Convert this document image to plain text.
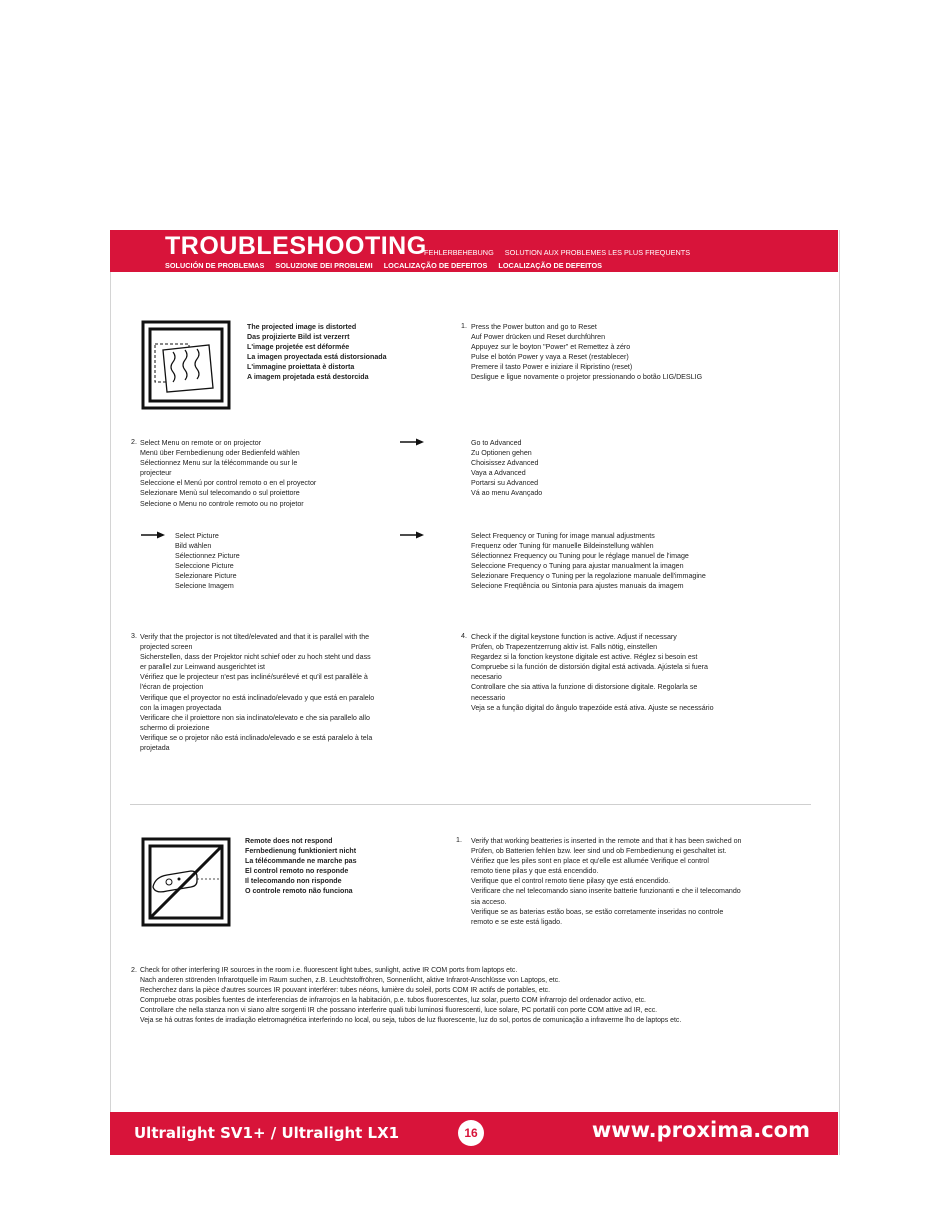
TROUBLESHOOTING
FEHLERBEHEBUNG SOLUTION AUX PROBLEMES LES PLUS FREQUENTS
SOLUCIÓN DE PROBLEMAS SOLUZIONE DEI PROBLEMI LOCALIZAÇÃO DE DEFEITOS LOCALIZAÇÃO DE DEFEITOS
The projected image is distorted
Das projizierte Bild ist verzerrt
L'image projetée est déformée
La imagen proyectada está distorsionada
L'immagine proiettata è distorta
A imagem projetada está destorcida
1. Press the Power button and go to Reset
Auf Power drücken und Reset durchführen
Appuyez sur le boyton "Power" et Remettez à zéro
Pulse el botón Power y vaya a Reset (restablecer)
Premere il tasto Power e iniziare il Ripristino (reset)
Desligue e ligue novamente o projetor pressionando o botão LIG/DESLIG
2. Select Menu on remote or on projector
Menü über Fernbedienung oder Bedienfeld wählen
Sélectionnez Menu sur la télécommande ou sur le
projecteur
Seleccione el Menú por control remoto o en el proyector
Selezionare Menù sul telecomando o sul proiettore
Selecione o Menu no controle remoto ou no projetor
Go to Advanced
Zu Optionen gehen
Choisissez Advanced
Vaya a Advanced
Portarsi su Advanced
Vá ao menu Avançado
Select Picture
Bild wählen
Sélectionnez Picture
Seleccione Picture
Selezionare Picture
Selecione Imagem
Select Frequency or Tuning for image manual adjustments
Frequenz oder Tuning für manuelle Bildeinstellung wählen
Sélectionnez Frequency ou Tuning pour le réglage manuel de l'image
Seleccione Frequency o Tuning para ajustar manualment la imagen
Selezionare Frequency o Tuning per la regolazione manuale dell'immagine
Selecione Freqüência ou Sintonia para ajustes manuais da imagem
3. Verify that the projector is not tilted/elevated and that it is parallel with the
projected screen
Sicherstellen, dass der Projektor nicht schief oder zu hoch steht und dass
er parallel zur Leinwand ausgerichtet ist
Vérifiez que le projecteur n'est pas incliné/surélevé et qu'il est parallèle à
l'écran de projection
Verifique que el proyector no está inclinado/elevado y que está en paralelo
con la imagen proyectada
Verificare che il proiettore non sia inclinato/elevato e che sia parallelo allo
schermo di proiezione
Verifique se o projetor não está inclinado/elevado e se está paralelo à tela
projetada
4. Check if the digital keystone function is active. Adjust if necessary
Prüfen, ob Trapezentzerrung aktiv ist. Falls nötig, einstellen
Regardez si la fonction keystone digitale est active. Réglez si besoin est
Compruebe si la función de distorsión digital está activada. Ajústela si fuera
necesario
Controllare che sia attiva la funzione di distorsione digitale. Regolarla se
necessario
Veja se a função digital do ângulo trapezóide está ativa. Ajuste se necessário
Remote does not respond
Fernbedienung funktioniert nicht
La télécommande ne marche pas
El control remoto no responde
Il telecomando non risponde
O controle remoto não funciona
1. Verify that working beatteries is inserted in the remote and that it has been swiched on
Prüfen, ob Batterien fehlen bzw. leer sind und ob Fernbedienung ei geschaltet ist.
Vérifiez que les piles sont en place et qu'elle est allumée Verifique el control
remoto tiene pilas y que está encendido.
Verifique que el control remoto tiene pilasy qye está encendido.
Verificare che nel telecomando siano inserite batterie funzionanti e che il telecomando
sia acceso.
Verifique se as baterias estão boas, se estão corretamente inseridas no controle
remoto e se este está ligado.
2. Check for other interfering IR sources in the room i.e. fluorescent light tubes, sunlight, active IR COM ports from laptops etc.
Nach anderen störenden Infrarotquelle im Raum suchen, z.B. Leuchtstoffröhren, Sonnenlicht, aktive Infrarot-Anschlüsse von Laptops, etc.
Recherchez dans la pièce d'autres sources IR pouvant interférer: tubes néons, lumière du soleil, ports COM IR actifs de portables, etc.
Compruebe otras posibles fuentes de interferencias de infrarrojos en la habitación, p.e. tubos fluorescentes, luz solar, puerto COM infrarrojo del ordenador activo, etc.
Controllare che nella stanza non vi siano altre sorgenti IR che possano interferire quali tubi luminosi fluorescenti, luce solare, PC portatili con porte COM attive ad IR, ecc.
Veja se há outras fontes de irradiação eletromagnética interferindo no local, ou seja, tubos de luz fluorescente, luz do sol, portos de comunicação a infraverme lho de laptops etc.
Ultralight SV1+ / Ultralight LX1	16	www.proxima.com
